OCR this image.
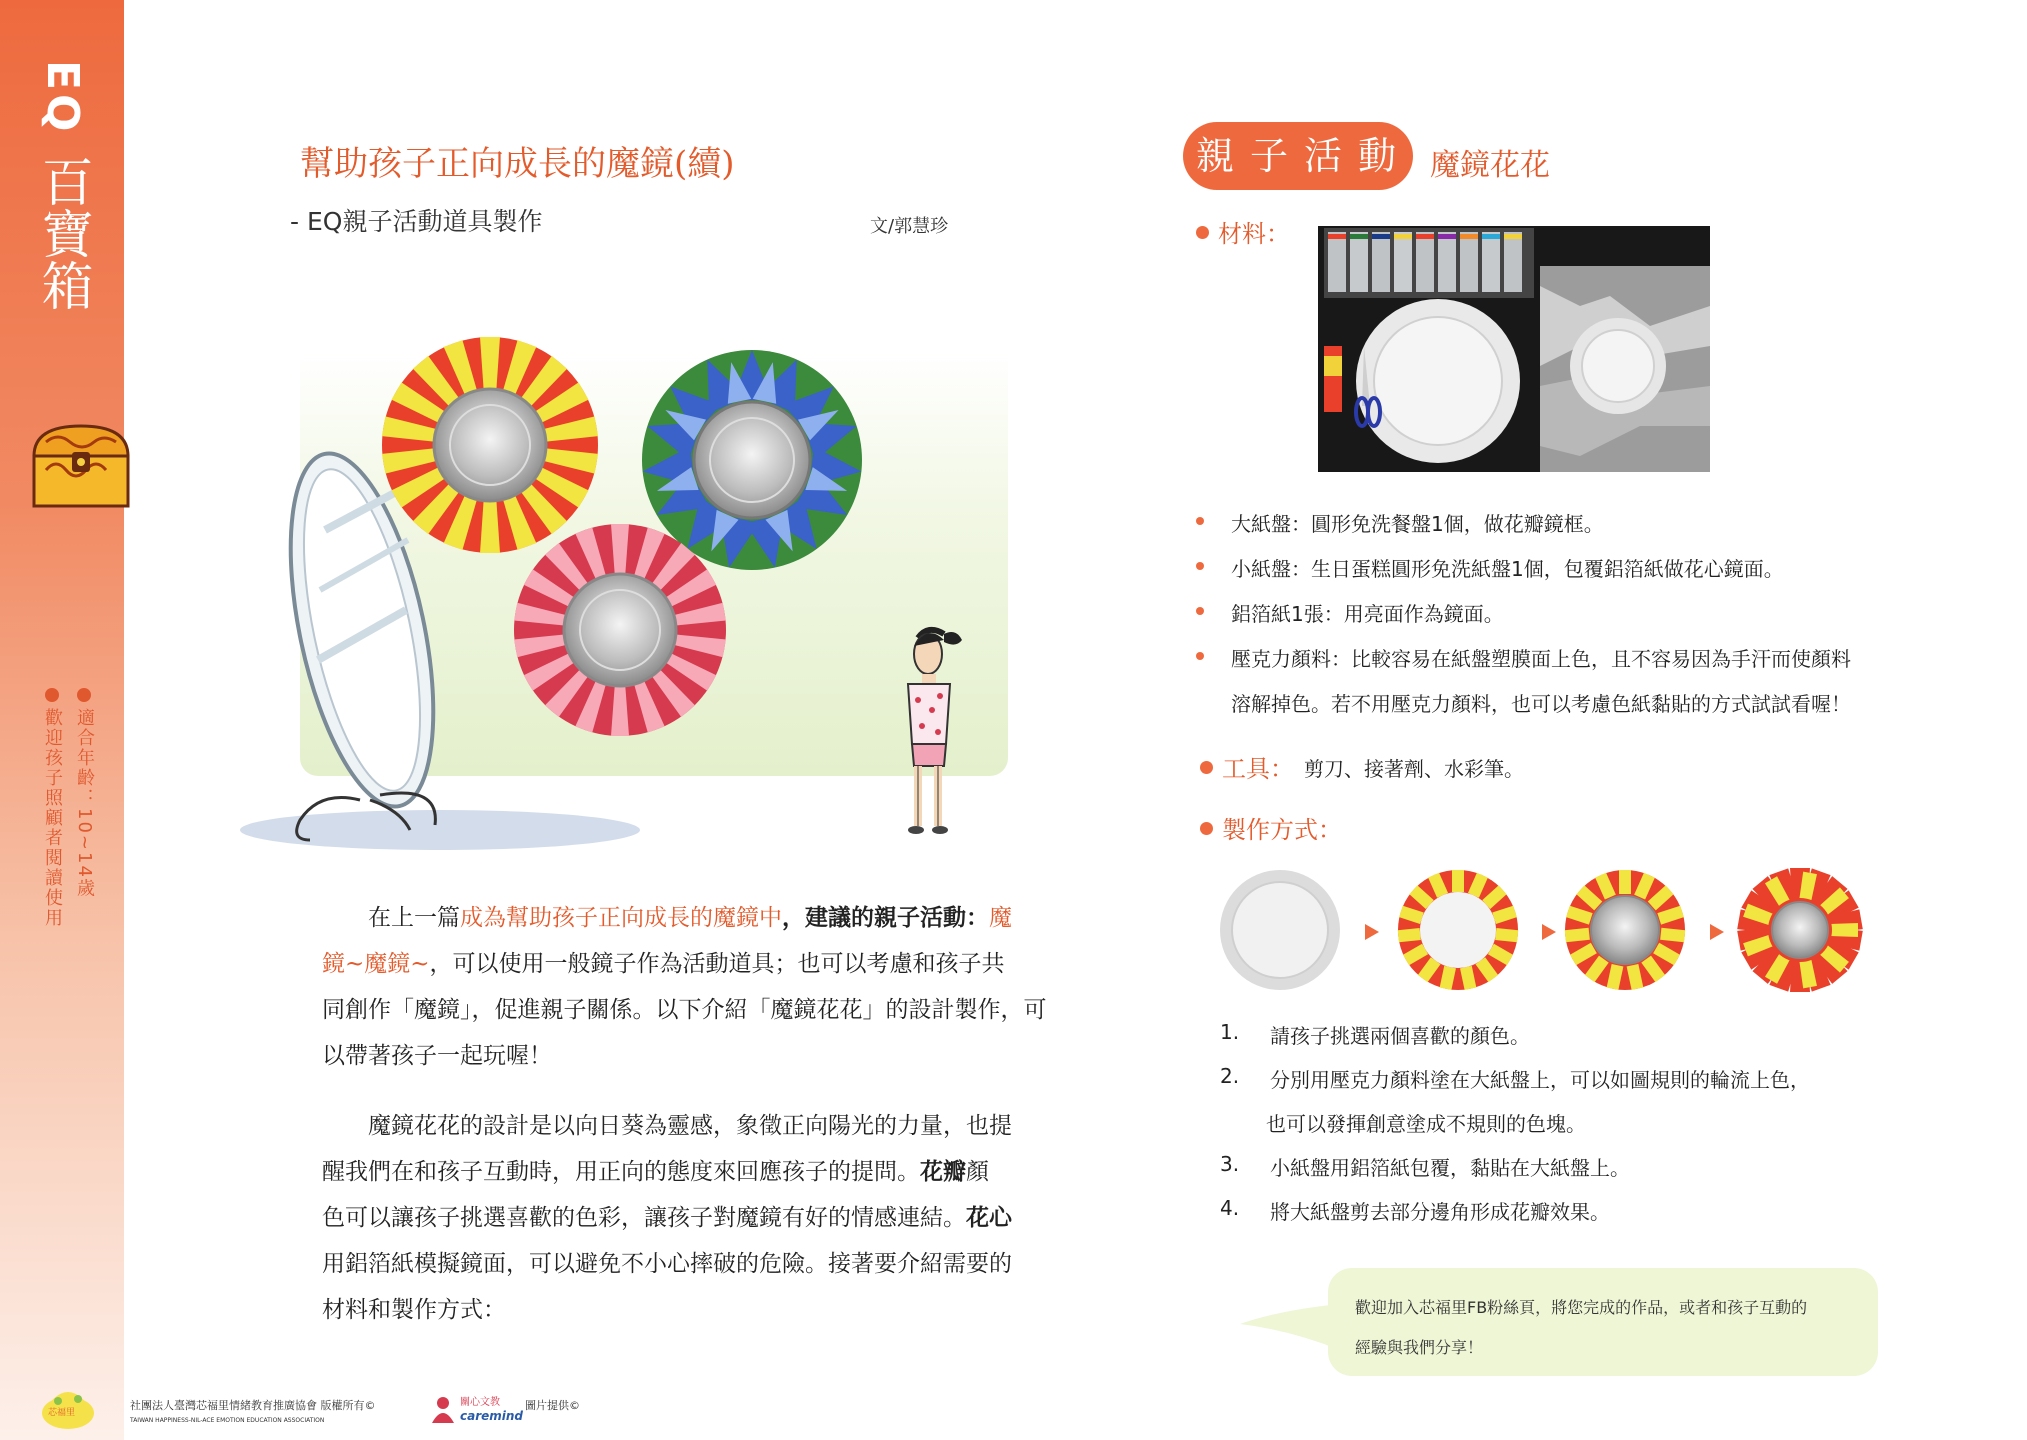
EQ
百寶箱
適合年齡：10~14歲
歡迎孩子照顧者閱讀使用
幫助孩子正向成長的魔鏡(續)
- EQ親子活動道具製作	文/郭慧珍
在上一篇成為幫助孩子正向成長的魔鏡中，建議的親子活動：魔
鏡~魔鏡~，可以使用一般鏡子作為活動道具；也可以考慮和孩子共
同創作「魔鏡」，促進親子關係。以下介紹「魔鏡花花」的設計製作，可
以帶著孩子一起玩喔！
魔鏡花花的設計是以向日葵為靈感，象徵正向陽光的力量，也提
醒我們在和孩子互動時，用正向的態度來回應孩子的提問。花瓣顏
色可以讓孩子挑選喜歡的色彩，讓孩子對魔鏡有好的情感連結。花心
用鋁箔紙模擬鏡面，可以避免不小心摔破的危險。接著要介紹需要的
材料和製作方式：
芯福里
社團法人臺灣芯福里情緒教育推廣協會 版權所有©
TAIWAN HAPPINESS-NIL-ACE EMOTION EDUCATION ASSOCIATION
關心文教
caremind
圖片提供©
親子活動 魔鏡花花
材料：
大紙盤：圓形免洗餐盤1個，做花瓣鏡框。
小紙盤：生日蛋糕圓形免洗紙盤1個，包覆鋁箔紙做花心鏡面。
鋁箔紙1張：用亮面作為鏡面。
壓克力顏料：比較容易在紙盤塑膜面上色，且不容易因為手汗而使顏料
溶解掉色。若不用壓克力顏料，也可以考慮色紙黏貼的方式試試看喔！
工具： 剪刀、接著劑、水彩筆。
製作方式：
1.	請孩子挑選兩個喜歡的顏色。
2.	分別用壓克力顏料塗在大紙盤上，可以如圖規則的輪流上色，
也可以發揮創意塗成不規則的色塊。
3.	小紙盤用鋁箔紙包覆，黏貼在大紙盤上。
4.	將大紙盤剪去部分邊角形成花瓣效果。
歡迎加入芯福里FB粉絲頁，將您完成的作品，或者和孩子互動的
經驗與我們分享！
